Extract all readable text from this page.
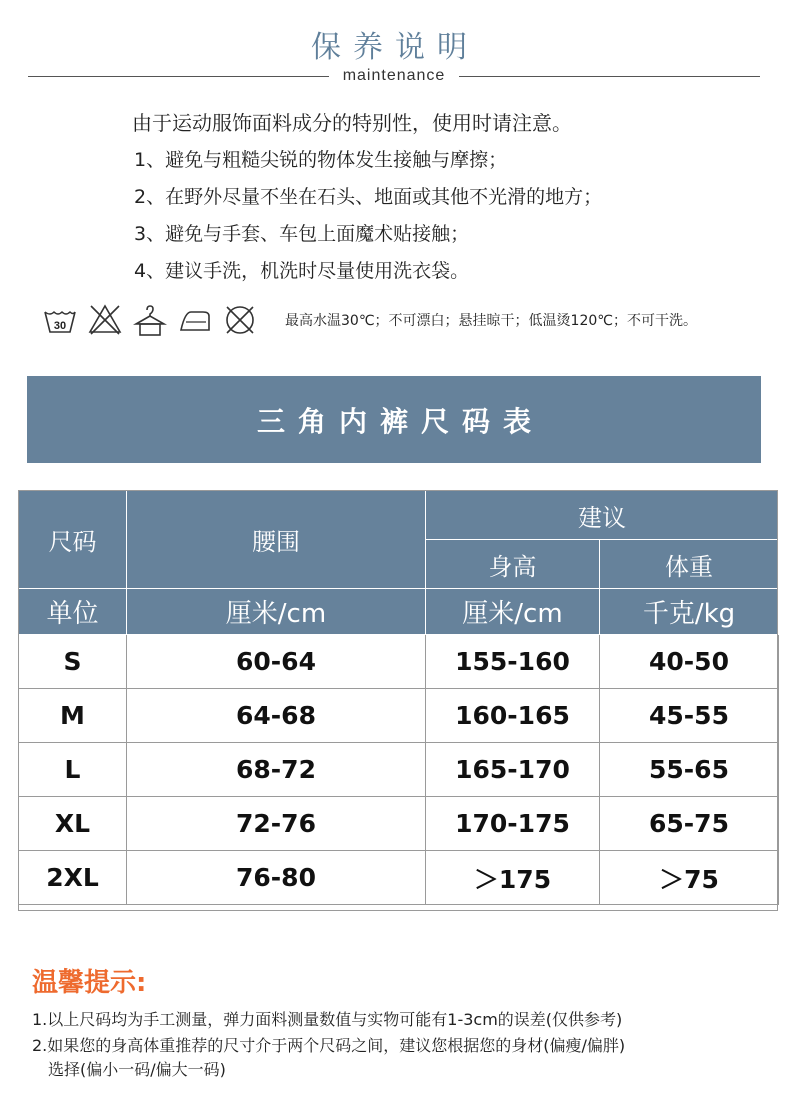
保养说明
maintenance

由于运动服饰面料成分的特别性，使用时请注意。

1、避免与粗糙尖锐的物体发生接触与摩擦；
2、在野外尽量不坐在石头、地面或其他不光滑的地方；
3、避免与手套、车包上面魔术贴接触；
4、建议手洗，机洗时尽量使用洗衣袋。
30	最高水温30℃；不可漂白；悬挂晾干；低温烫120℃；不可干洗。
三角内裤尺码表
尺码	腰围	建议	
		身高	体重
单位	厘米/cm	厘米/cm	千克/kg
S	60-64	155-160	40-50
M	64-68	160-165	45-55
L	68-72	165-170	55-65
XL	72-76	170-175	65-75
2XL	76-80	＞175	＞75
温馨提示:
1.以上尺码均为手工测量，弹力面料测量数值与实物可能有1-3cm的误差(仅供参考)
2.如果您的身高体重推荐的尺寸介于两个尺码之间，建议您根据您的身材(偏瘦/偏胖)
选择(偏小一码/偏大一码)
